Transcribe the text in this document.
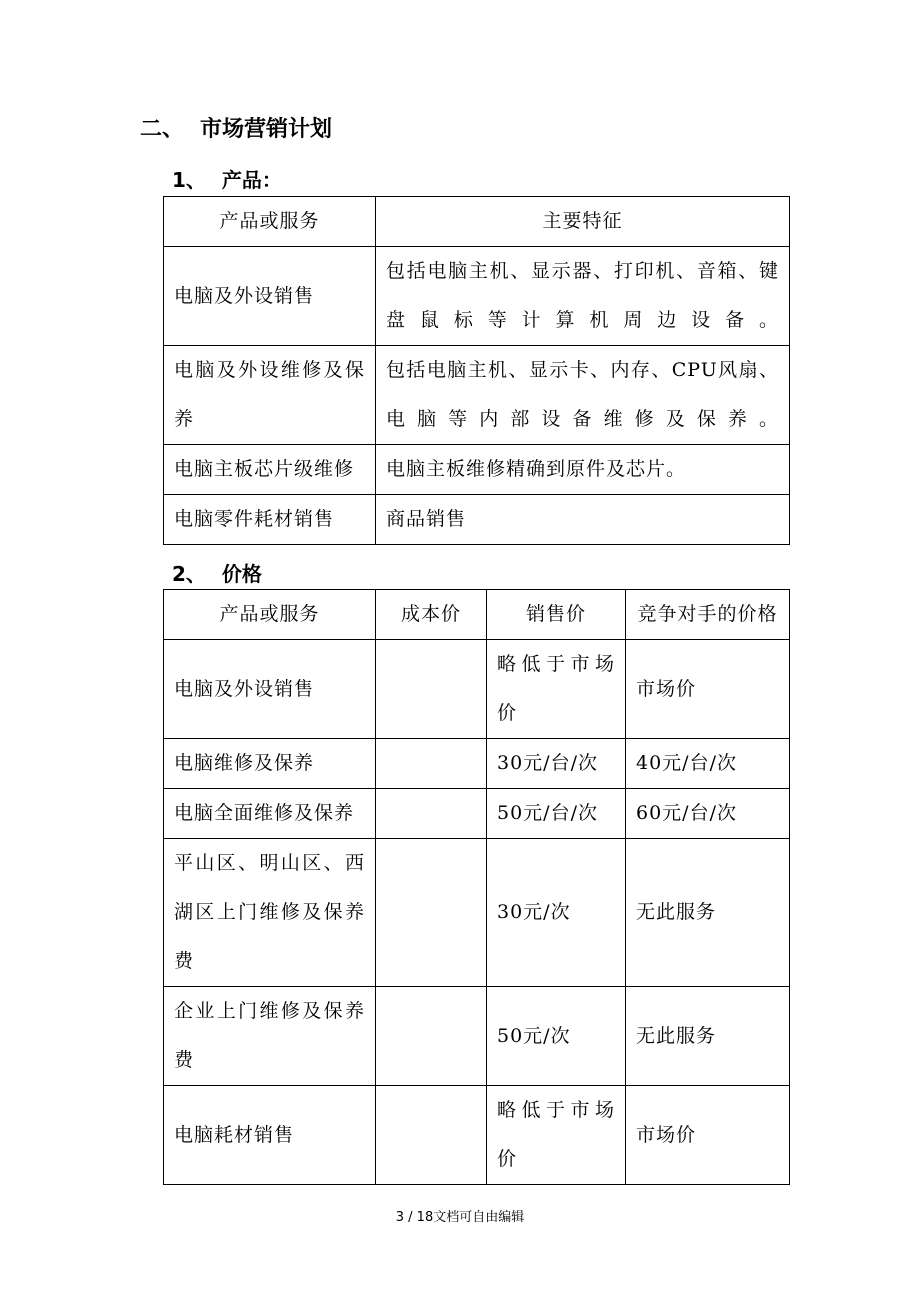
二、 市场营销计划
1、 产品：
产品或服务	主要特征
电脑及外设销售	包括电脑主机、显示器、打印机、音箱、键盘鼠标等计算机周边设备。
电脑及外设维修及保养	包括电脑主机、显示卡、内存、CPU风扇、电脑等内部设备维修及保养。
电脑主板芯片级维修	电脑主板维修精确到原件及芯片。
电脑零件耗材销售	商品销售
2、 价格
产品或服务	成本价	销售价	竞争对手的价格
电脑及外设销售		略低于市场价	市场价
电脑维修及保养		30元/台/次	40元/台/次
电脑全面维修及保养		50元/台/次	60元/台/次
平山区、明山区、西湖区上门维修及保养费		30元/次	无此服务
企业上门维修及保养费		50元/次	无此服务
电脑耗材销售		略低于市场价	市场价
3 / 18文档可自由编辑
